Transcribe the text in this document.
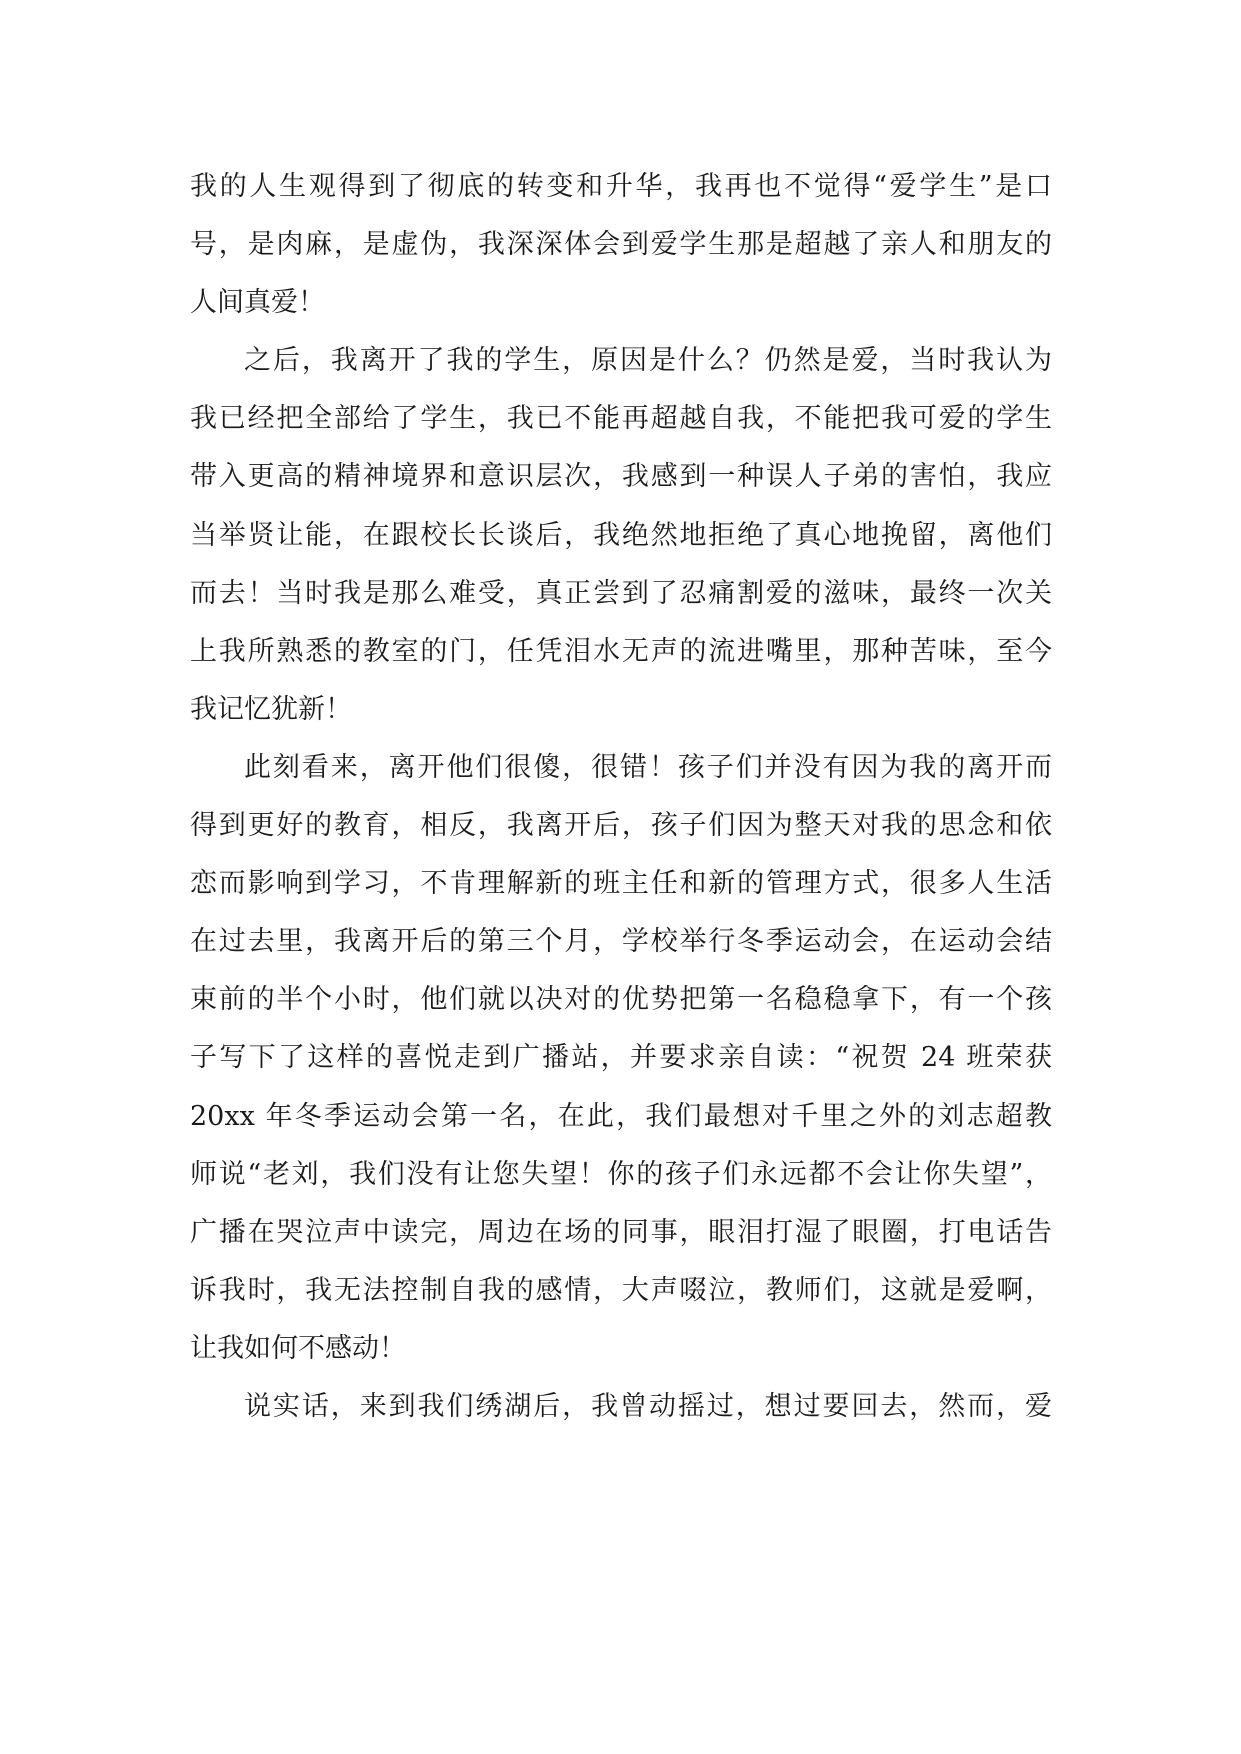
我的人生观得到了彻底的转变和升华，我再也不觉得“爱学生”是口
号，是肉麻，是虚伪，我深深体会到爱学生那是超越了亲人和朋友的
人间真爱！
之后，我离开了我的学生，原因是什么？仍然是爱，当时我认为
我已经把全部给了学生，我已不能再超越自我，不能把我可爱的学生
带入更高的精神境界和意识层次，我感到一种误人子弟的害怕，我应
当举贤让能，在跟校长长谈后，我绝然地拒绝了真心地挽留，离他们
而去！当时我是那么难受，真正尝到了忍痛割爱的滋味，最终一次关
上我所熟悉的教室的门，任凭泪水无声的流进嘴里，那种苦味，至今
我记忆犹新！
此刻看来，离开他们很傻，很错！孩子们并没有因为我的离开而
得到更好的教育，相反，我离开后，孩子们因为整天对我的思念和依
恋而影响到学习，不肯理解新的班主任和新的管理方式，很多人生活
在过去里，我离开后的第三个月，学校举行冬季运动会，在运动会结
束前的半个小时，他们就以决对的优势把第一名稳稳拿下，有一个孩
子写下了这样的喜悦走到广播站，并要求亲自读：“祝贺 24 班荣获
20xx 年冬季运动会第一名，在此，我们最想对千里之外的刘志超教
师说“老刘，我们没有让您失望！你的孩子们永远都不会让你失望”，
广播在哭泣声中读完，周边在场的同事，眼泪打湿了眼圈，打电话告
诉我时，我无法控制自我的感情，大声啜泣，教师们，这就是爱啊，
让我如何不感动！
说实话，来到我们绣湖后，我曾动摇过，想过要回去，然而，爱
